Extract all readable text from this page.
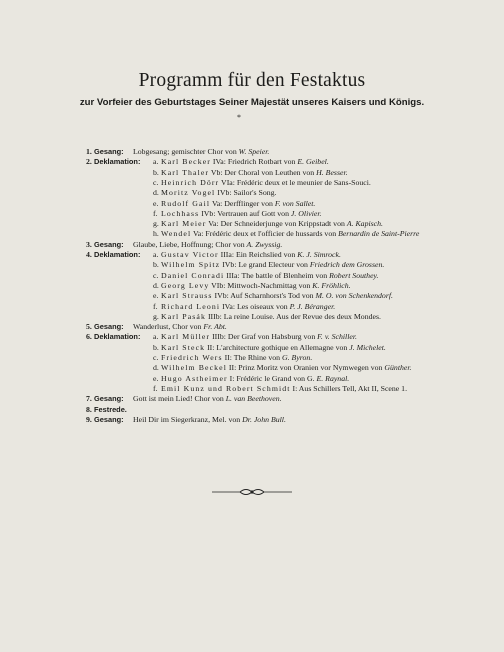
Programm für den Festaktus
zur Vorfeier des Geburtstages Seiner Majestät unseres Kaisers und Königs.
*
1. Gesang: Lobgesang; gemischter Chor von W. Speier.
b. Karl Thaler Vb: Der Choral von Leuthen von H. Besser.
c. Heinrich Dörr VIa: Frédéric deux et le meunier de Sans-Souci.
d. Moritz Vogel IVb: Sailor's Song.
e. Rudolf Gail Va: Derfflinger von F. von Sallet.
f. Lochhass IVb: Vertrauen auf Gott von J. Olivier.
g. Karl Meier Va: Der Schneiderjunge von Krippstadt von A. Kapisch.
h. Wendel Va: Frédéric deux et l'officier de hussards von Bernardin de Saint-Pierre
2. Deklamation: a. Karl Becker IVa: Friedrich Rotbart von E. Geibel.
3. Gesang: Glaube, Liebe, Hoffnung; Chor von A. Zwyssig.
b. Wilhelm Spitz IVb: Le grand Electeur von Friedrich dem Grossen.
c. Daniel Conradi IIIa: The battle of Blenheim von Robert Southey.
d. Georg Levy VIb: Mittwoch-Nachmittag von K. Fröhlich.
e. Karl Strauss IVb: Auf Scharnhorst's Tod von M. O. von Schenkendorf.
f. Richard Leoni IVa: Les oiseaux von P. J. Béranger.
g. Karl Pasák IIIb: La reine Louise. Aus der Revue des deux Mondes.
4. Deklamation: a. Gustav Victor IIIa: Ein Reichslied von K. J. Simrock.
5. Gesang: Wanderlust, Chor von Fr. Abt.
b. Karl Steck II: L'architecture gothique en Allemagne von J. Michelet.
c. Friedrich Wers II: The Rhine von G. Byron.
d. Wilhelm Beckel II: Prinz Moritz von Oranien vor Nymwegen von Günther.
e. Hugo Astheimer I: Frédéric le Grand von G. E. Raynal.
f. Emil Kunz und Robert Schmidt I: Aus Schillers Tell, Akt II, Scene 1.
6. Deklamation: a. Karl Müller IIIb: Der Graf von Habsburg von F. v. Schiller.
7. Gesang: Gott ist mein Lied! Chor von L. van Beethoven.
8. Festrede.
9. Gesang: Heil Dir im Siegerkranz, Mel. von Dr. John Bull.
